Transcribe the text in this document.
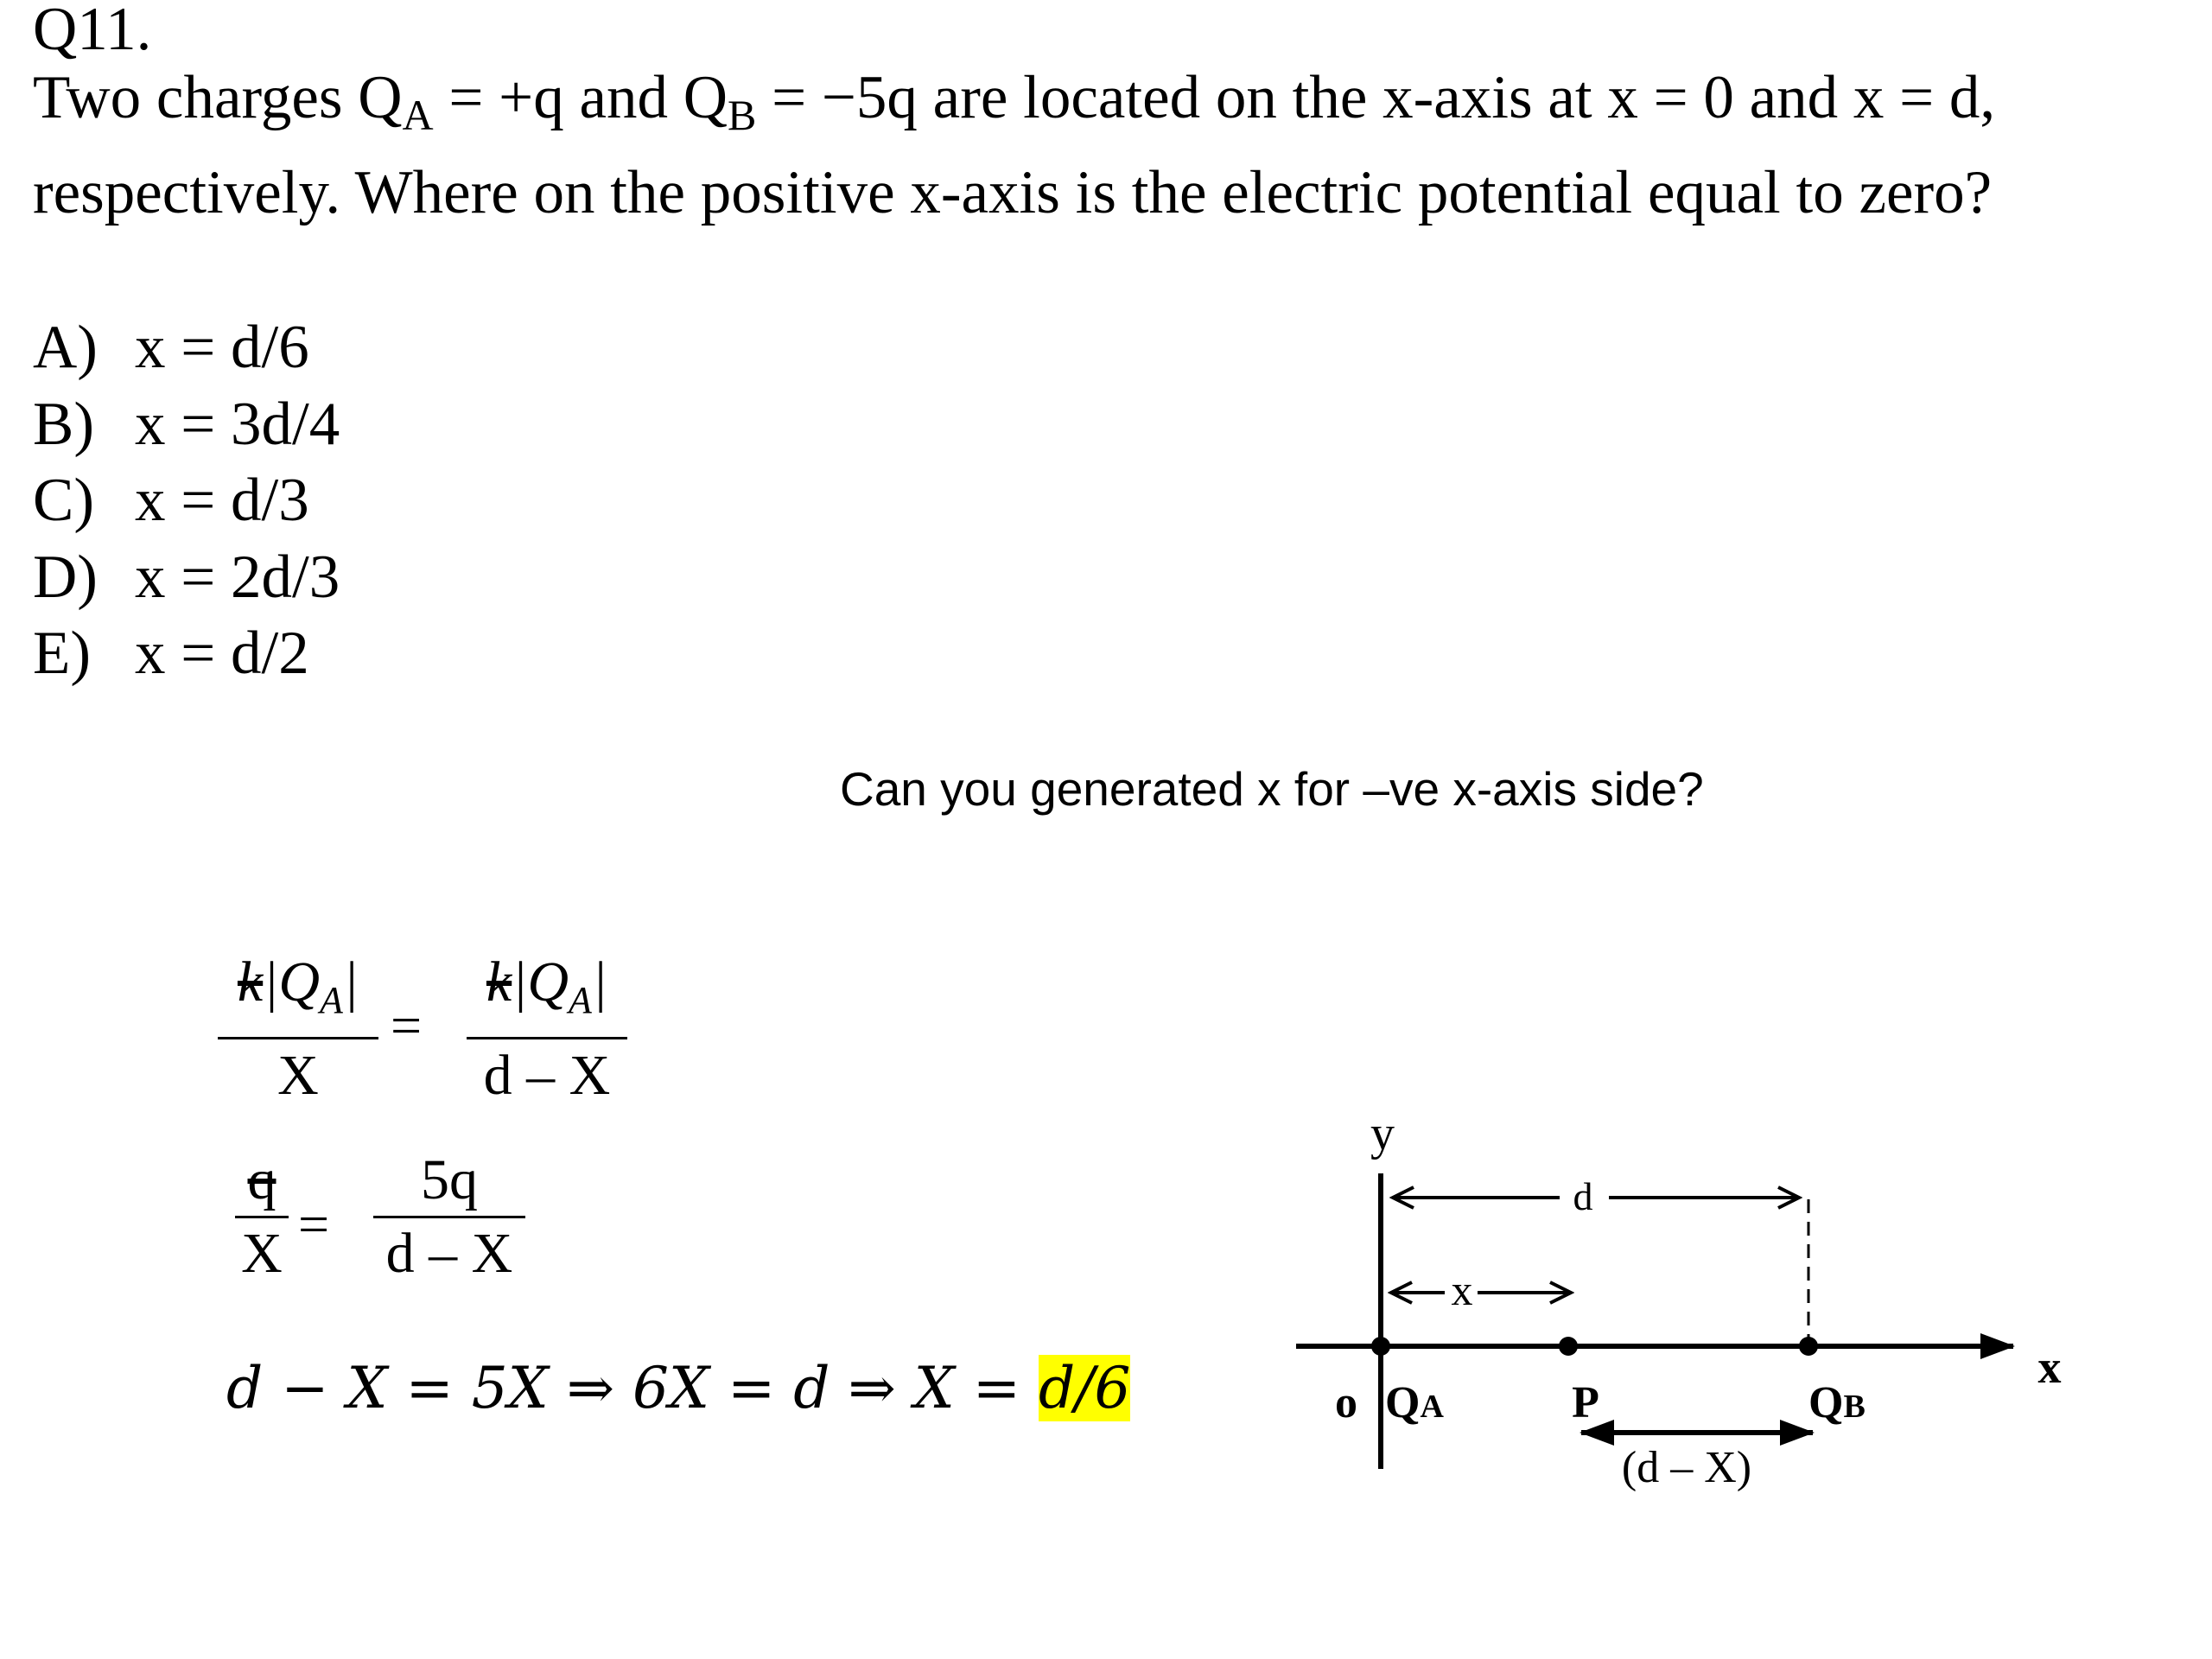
Q11.
Two charges $Q_A = +q$ and $Q_B = -5q$ are located on the x-axis at x = 0 and x = d,
respectively. Where on the positive x-axis is the electric potential equal to zero?
A) x = d/6
B) x = 3d/4
C) x = d/3
D) x = 2d/3
E) x = d/2
Can you generated x for –ve x-axis side?
$k|Q_A|$
X
=
$k|Q_A|$
d – X
q
X =
5q
d – X
d − X = 5X ⇒ 6X = d ⇒ X = d/6
d
x
(d – X)
y
x
o QA	P	QB
